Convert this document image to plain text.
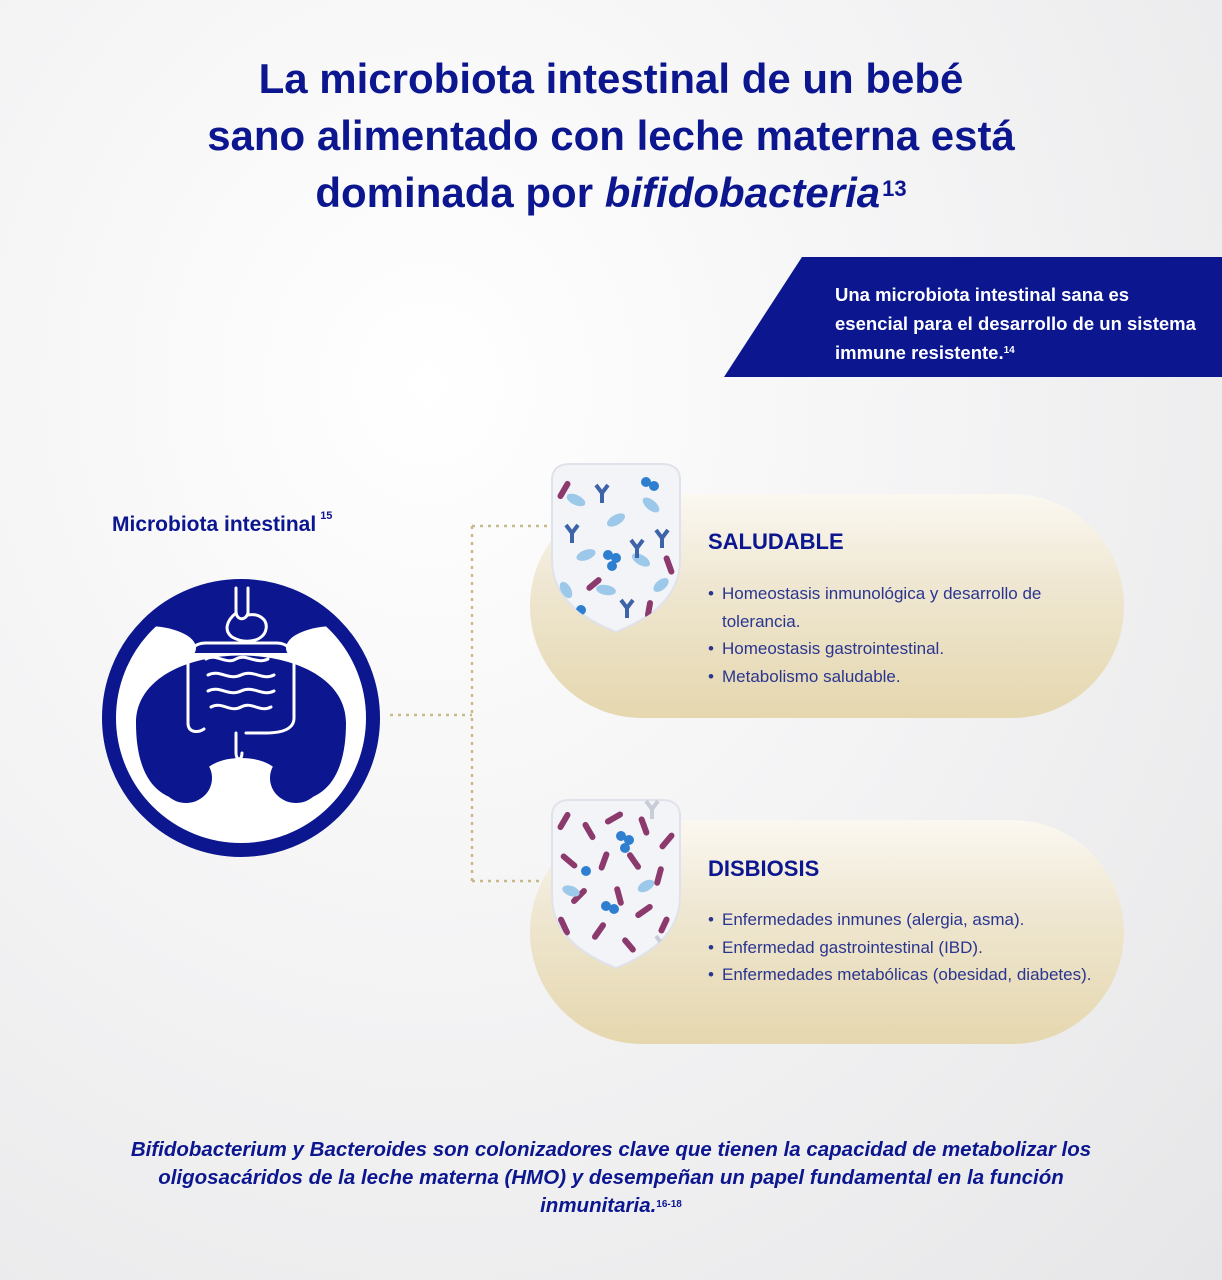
La microbiota intestinal de un bebé
sano alimentado con leche materna está
dominada por bifidobacteria$^{13}$
Una microbiota intestinal sana es esencial para el desarrollo de un sistema immune resistente.$^{14}$
Microbiota intestinal $^{15}$
SALUDABLE
• Homeostasis inmunológica y desarrollo de tolerancia.
• Homeostasis gastrointestinal.
• Metabolismo saludable.
DISBIOSIS
• Enfermedades inmunes (alergia, asma).
• Enfermedad gastrointestinal (IBD).
• Enfermedades metabólicas (obesidad, diabetes).

Bifidobacterium y Bacteroides son colonizadores clave que tienen la capacidad de metabolizar los oligosacáridos de la leche materna (HMO) y desempeñan un papel fundamental en la función inmunitaria.$^{16-18}$
